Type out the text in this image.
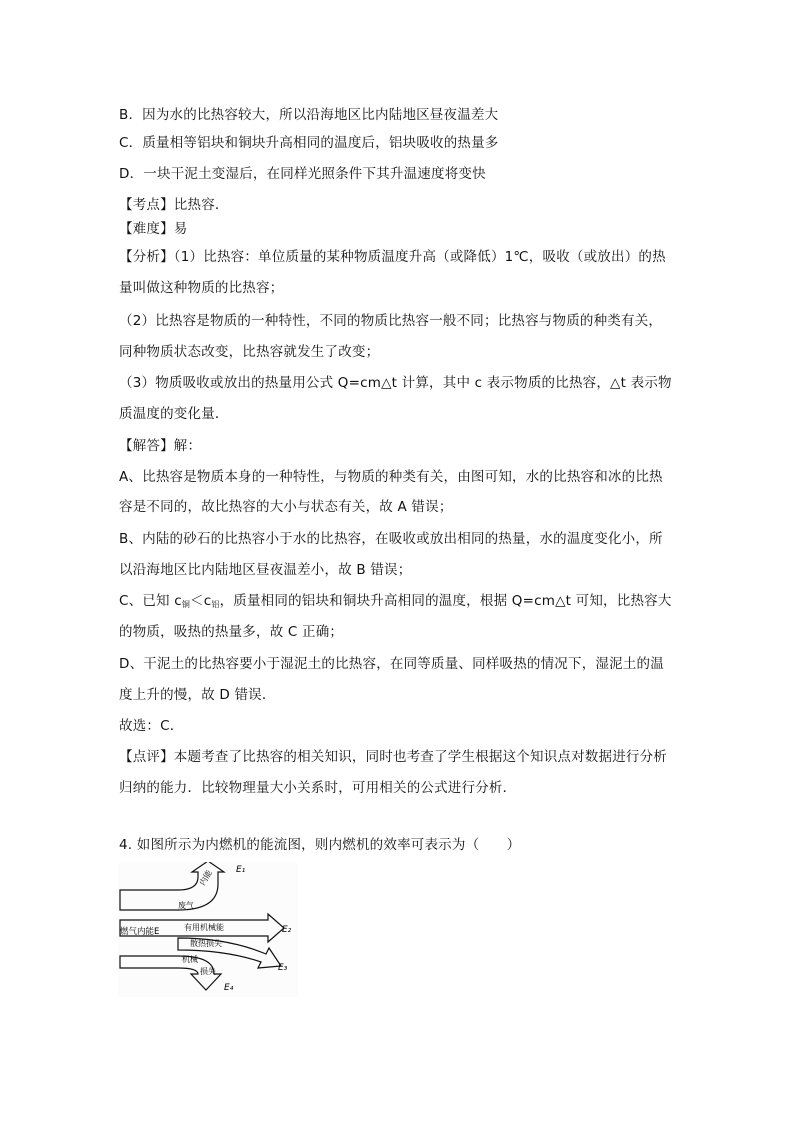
B．因为水的比热容较大，所以沿海地区比内陆地区昼夜温差大
C．质量相等铝块和铜块升高相同的温度后，铝块吸收的热量多
D．一块干泥土变湿后，在同样光照条件下其升温速度将变快
【考点】比热容．
【难度】易
【分析】（1）比热容：单位质量的某种物质温度升高（或降低）1℃，吸收（或放出）的热
量叫做这种物质的比热容；
（2）比热容是物质的一种特性，不同的物质比热容一般不同；比热容与物质的种类有关，
同种物质状态改变，比热容就发生了改变；
（3）物质吸收或放出的热量用公式 Q=cm△t 计算，其中 c 表示物质的比热容，△t 表示物
质温度的变化量．
【解答】解：
A、比热容是物质本身的一种特性，与物质的种类有关，由图可知，水的比热容和冰的比热
容是不同的，故比热容的大小与状态有关，故 A 错误；
B、内陆的砂石的比热容小于水的比热容，在吸收或放出相同的热量，水的温度变化小，所
以沿海地区比内陆地区昼夜温差小，故 B 错误；
C、已知 $c_铜<c_铝$，质量相同的铝块和铜块升高相同的温度，根据 Q=cm△t 可知，比热容大
的物质，吸热的热量多，故 C 正确；
D、干泥土的比热容要小于湿泥土的比热容，在同等质量、同样吸热的情况下，湿泥土的温
度上升的慢，故 D 错误．
故选：C．
【点评】本题考查了比热容的相关知识，同时也考查了学生根据这个知识点对数据进行分析
归纳的能力．比较物理量大小关系时，可用相关的公式进行分析．
4. 如图所示为内燃机的能流图，则内燃机的效率可表示为（　　）
E₁
E₂
E₃
E₄
燃气内能E
废气
内能
有用机械能
散热损失
机械
损失
